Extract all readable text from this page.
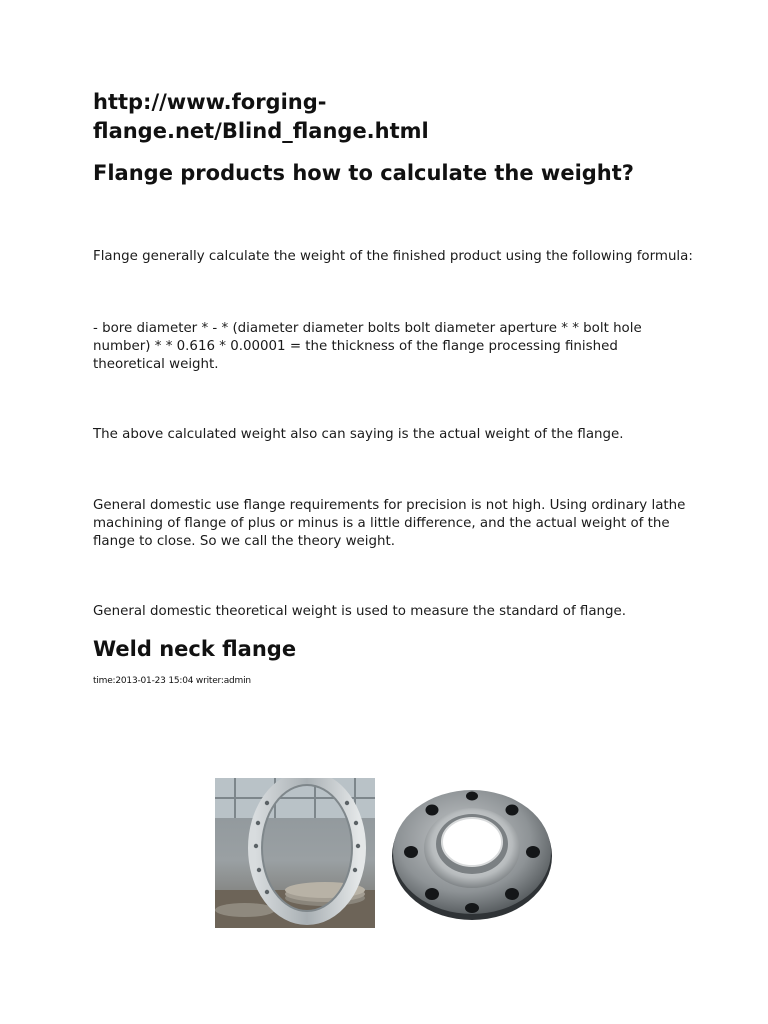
http://www.forging-
flange.net/Blind_flange.html
Flange products how to calculate the weight?

Flange generally calculate the weight of the finished product using the following formula:

- bore diameter * - * (diameter diameter bolts bolt diameter aperture * * bolt hole number) * * 0.616 * 0.00001 = the thickness of the flange processing finished theoretical weight.

The above calculated weight also can saying is the actual weight of the flange.

General domestic use flange requirements for precision is not high. Using ordinary lathe machining of flange of plus or minus is a little difference, and the actual weight of the flange to close. So we call the theory weight.

General domestic theoretical weight is used to measure the standard of flange.

Weld neck flange
time:2013-01-23 15:04 writer:admin
